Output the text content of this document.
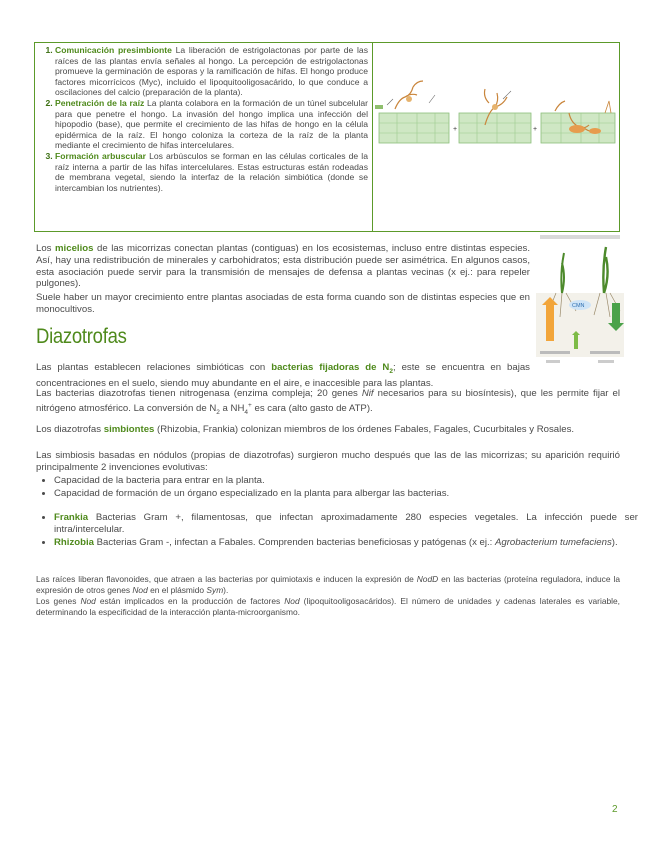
1. Comunicación presimbionte La liberación de estrigolactonas por parte de las raíces de las plantas envía señales al hongo. La percepción de estrigolactonas promueve la germinación de esporas y la ramificación de hifas. El hongo produce factores micorrícicos (Myc), incluido el lipoquitooligosacárido, lo que conduce a oscilaciones del calcio (preparación de la planta).
2. Penetración de la raíz La planta colabora en la formación de un túnel subcelular para que penetre el hongo. La invasión del hongo implica una infección del hipopodio (base), que permite el crecimiento de las hifas de hongo en la célula epidérmica de la raíz. El hongo coloniza la corteza de la raíz de la planta mediante el crecimiento de hifas intercelulares.
3. Formación arbuscular Los arbúsculos se forman en las células corticales de la raíz interna a partir de las hifas intercelulares. Estas estructuras están rodeadas de membrana vegetal, siendo la interfaz de la relación simbiótica (donde se intercambian los nutrientes).
+	+

Los micelios de las micorrizas conectan plantas (contiguas) en los ecosistemas, incluso entre distintas especies. Así, hay una redistribución de minerales y carbohidratos; esta distribución puede ser asimétrica. En algunos casos, esta asociación puede servir para la transmisión de mensajes de defensa a plantas vecinas (x ej.: para repeler pulgones).

Suele haber un mayor crecimiento entre plantas asociadas de esta forma cuando son de distintas especies que en monocultivos.	CMN
Diazotrofas

Las plantas establecen relaciones simbióticas con bacterias fijadoras de $N_2$; este se encuentra en bajas concentraciones en el suelo, siendo muy abundante en el aire, e inaccesible para las plantas.

Las bacterias diazotrofas tienen nitrogenasa (enzima compleja; 20 genes Nif necesarios para su biosíntesis), que les permite fijar el nitrógeno atmosférico. La conversión de $N_2$ a $NH_4^+$ es cara (alto gasto de ATP).

Los diazotrofas simbiontes (Rhizobia, Frankia) colonizan miembros de los órdenes Fabales, Fagales, Cucurbitales y Rosales.

Las simbiosis basadas en nódulos (propias de diazotrofas) surgieron mucho después que las de las micorrizas; su aparición requirió principalmente 2 invenciones evolutivas:

• Capacidad de la bacteria para entrar en la planta.
• Capacidad de formación de un órgano especializado en la planta para albergar las bacterias.
• Frankia Bacterias Gram +, filamentosas, que infectan aproximadamente 280 especies vegetales. La infección puede ser intra/intercelular.
• Rhizobia Bacterias Gram -, infectan a Fabales. Comprenden bacterias beneficiosas y patógenas (x ej.: Agrobacterium tumefaciens).

Las raíces liberan flavonoides, que atraen a las bacterias por quimiotaxis e inducen la expresión de NodD en las bacterias (proteína reguladora, induce la expresión de otros genes Nod en el plásmido Sym).

Los genes Nod están implicados en la producción de factores Nod (lipoquitooligosacáridos). El número de unidades y cadenas laterales es variable, determinando la especificidad de la interacción planta-microorganismo.

2
